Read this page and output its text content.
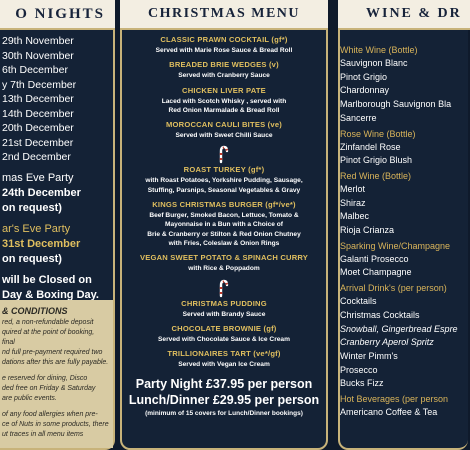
O NIGHTS
29th November
30th November
6th December
y 7th December
13th December
14th December
20th December
21st December
2nd December
mas Eve Party
24th December
on request)
ar's Eve Party
31st December
on request)
will be Closed on
Day & Boxing Day.
& CONDITIONS
red, a non-refundable deposit
quired at the point of booking, final
nd full pre-payment required two
dations after this are fully payable.
e reserved for dining, Disco
ded free on Friday & Saturday
are public events.
of any food allergies when pre-
ce of Nuts in some products, there
ut traces in all menu items
CHRISTMAS MENU
CLASSIC PRAWN COCKTAIL (gf*)
Served with Marie Rose Sauce & Bread Roll
BREADED BRIE WEDGES (v)
Served with Cranberry Sauce
CHICKEN LIVER PATE
Laced with Scotch Whisky , served with
Red Onion Marmalade & Bread Roll
MOROCCAN CAULI BITES (ve)
Served with Sweet Chilli Sauce
ROAST TURKEY (gf*)
with Roast Potatoes, Yorkshire Pudding, Sausage,
Stuffing, Parsnips, Seasonal Vegetables & Gravy
KINGS CHRISTMAS BURGER (gf*/ve*)
Beef Burger, Smoked Bacon, Lettuce, Tomato &
Mayonnaise in a Bun with a Choice of
Brie & Cranberry or Stilton & Red Onion Chutney
with Fries, Coleslaw & Onion Rings
VEGAN SWEET POTATO & SPINACH CURRY
with Rice & Poppadom
CHRISTMAS PUDDING
Served with Brandy Sauce
CHOCOLATE BROWNIE (gf)
Served with Chocolate Sauce & Ice Cream
TRILLIONAIRES TART (ve*/gf)
Served with Vegan Ice Cream
Party Night £37.95 per person
Lunch/Dinner £29.95 per person
(minimum of 15 covers for Lunch/Dinner bookings)
WINE & DR
White Wine (Bottle)
Sauvignon Blanc
Pinot Grigio
Chardonnay
Marlborough Sauvignon Bla
Sancerre
Rose Wine (Bottle)
Zinfandel Rose
Pinot Grigio Blush
Red Wine (Bottle)
Merlot
Shiraz
Malbec
Rioja Crianza
Sparking Wine/Champagne
Galanti Prosecco
Moet Champagne
Arrival Drink's (per person)
Cocktails
Christmas Cocktails
Snowball, Gingerbread Espre
Cranberry Aperol Spritz
Winter Pimm's
Prosecco
Bucks Fizz
Hot Beverages (per person
Americano Coffee & Tea
